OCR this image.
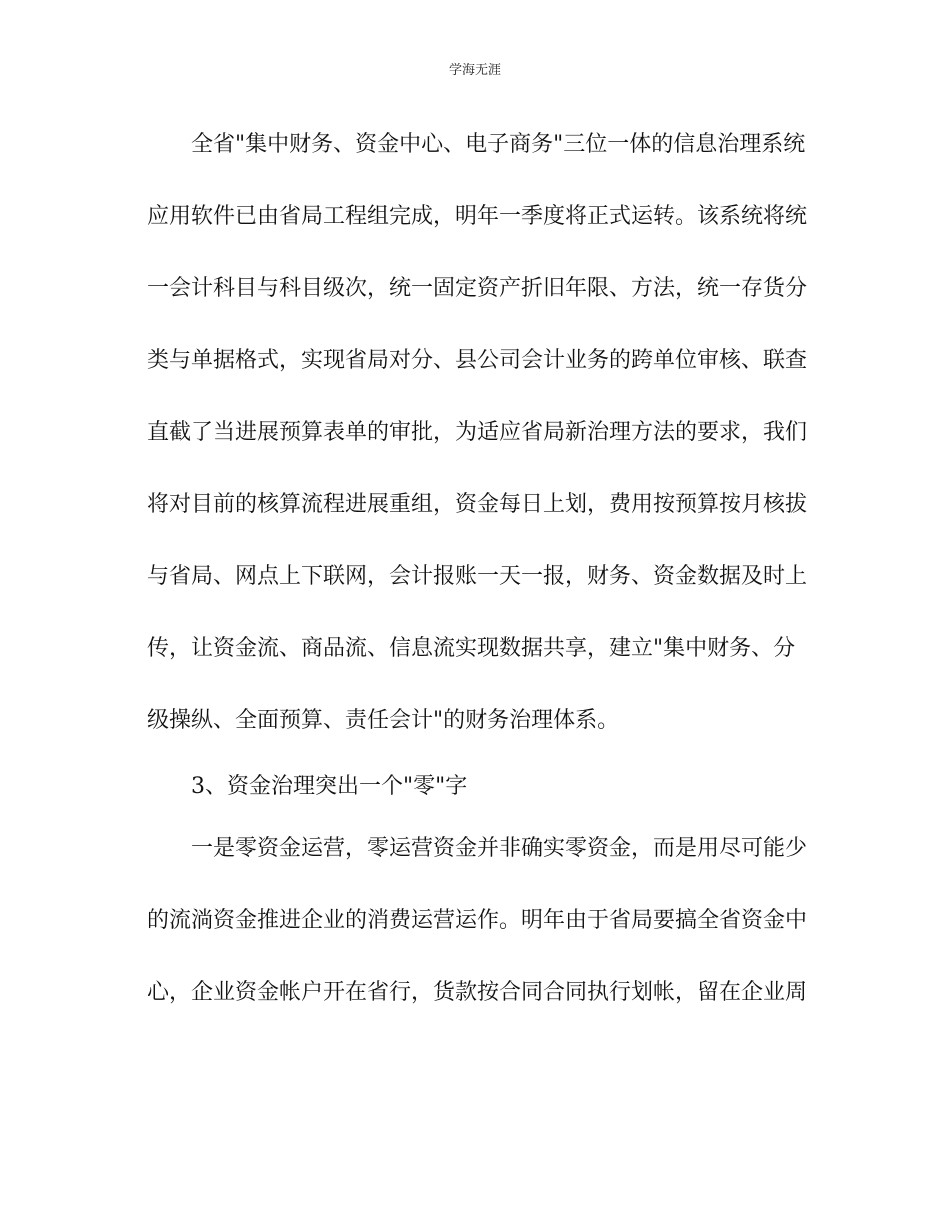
学海无涯
全省"集中财务、资金中心、电子商务"三位一体的信息治理系统
应用软件已由省局工程组完成，明年一季度将正式运转。该系统将统
一会计科目与科目级次，统一固定资产折旧年限、方法，统一存货分
类与单据格式，实现省局对分、县公司会计业务的跨单位审核、联查
直截了当进展预算表单的审批，为适应省局新治理方法的要求，我们
将对目前的核算流程进展重组，资金每日上划，费用按预算按月核拔
与省局、网点上下联网，会计报账一天一报，财务、资金数据及时上
传，让资金流、商品流、信息流实现数据共享，建立"集中财务、分
级操纵、全面预算、责任会计"的财务治理体系。
3、资金治理突出一个"零"字
一是零资金运营，零运营资金并非确实零资金，而是用尽可能少
的流淌资金推进企业的消费运营运作。明年由于省局要搞全省资金中
心，企业资金帐户开在省行，货款按合同合同执行划帐，留在企业周
